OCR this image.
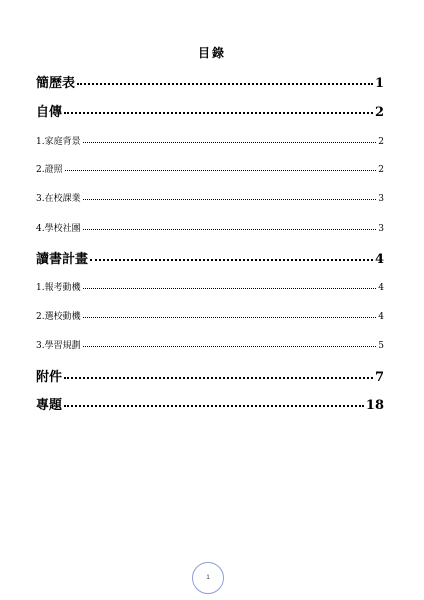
目錄
簡歷表	1
自傳	2
1.家庭背景	2
2.證照	2
3.在校課業	3
4.學校社團	3
讀書計畫	4
1.報考動機	4
2.選校動機	4
3.學習規劃	5
附件	7
專題	18
1
